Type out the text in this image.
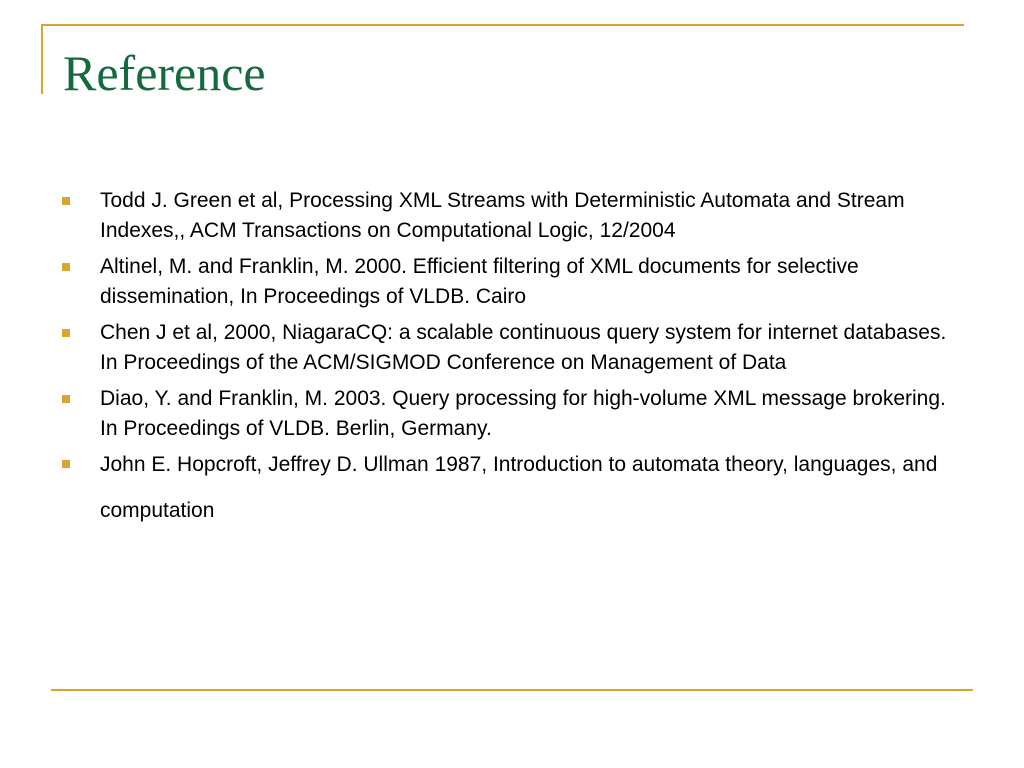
Reference
Todd J. Green et al, Processing XML Streams with Deterministic Automata and Stream Indexes,, ACM Transactions on Computational Logic, 12/2004
Altinel, M. and Franklin, M. 2000. Efficient filtering of XML documents for selective dissemination, In Proceedings of VLDB. Cairo
Chen J et al, 2000, NiagaraCQ: a scalable continuous query system for internet databases. In Proceedings of the ACM/SIGMOD Conference on Management of Data
Diao, Y. and Franklin, M. 2003. Query processing for high-volume XML message brokering. In Proceedings of VLDB. Berlin, Germany.
John E. Hopcroft, Jeffrey D. Ullman 1987, Introduction to automata theory, languages, and computation
